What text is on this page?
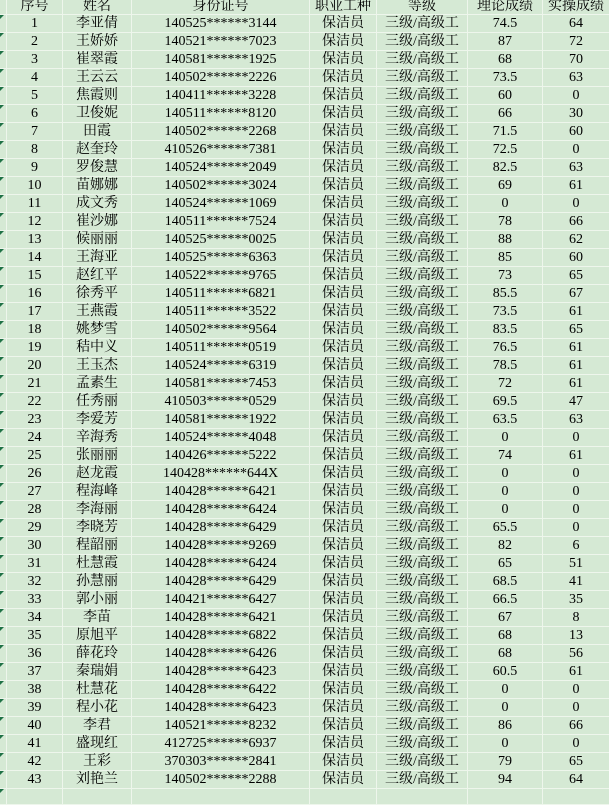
序号	姓名	身份证号	职业工种	等级	理论成绩	实操成绩
1	李亚倩	140525******3144	保洁员	三级/高级工	74.5	64
2	王娇娇	140521******7023	保洁员	三级/高级工	87	72
3	崔翠霞	140581******1925	保洁员	三级/高级工	68	70
4	王云云	140502******2226	保洁员	三级/高级工	73.5	63
5	焦霞则	140411******3228	保洁员	三级/高级工	60	0
6	卫俊妮	140511******8120	保洁员	三级/高级工	66	30
7	田霞	140502******2268	保洁员	三级/高级工	71.5	60
8	赵奎玲	410526******7381	保洁员	三级/高级工	72.5	0
9	罗俊慧	140524******2049	保洁员	三级/高级工	82.5	63
10	苗娜娜	140502******3024	保洁员	三级/高级工	69	61
11	成文秀	140524******1069	保洁员	三级/高级工	0	0
12	崔沙娜	140511******7524	保洁员	三级/高级工	78	66
13	候丽丽	140525******0025	保洁员	三级/高级工	88	62
14	王海亚	140525******6363	保洁员	三级/高级工	85	60
15	赵红平	140522******9765	保洁员	三级/高级工	73	65
16	徐秀平	140511******6821	保洁员	三级/高级工	85.5	67
17	王燕霞	140511******3522	保洁员	三级/高级工	73.5	61
18	姚梦雪	140502******9564	保洁员	三级/高级工	83.5	65
19	秸中义	140511******0519	保洁员	三级/高级工	76.5	61
20	王玉杰	140524******6319	保洁员	三级/高级工	78.5	61
21	孟素生	140581******7453	保洁员	三级/高级工	72	61
22	任秀丽	410503******0529	保洁员	三级/高级工	69.5	47
23	李爱芳	140581******1922	保洁员	三级/高级工	63.5	63
24	辛海秀	140524******4048	保洁员	三级/高级工	0	0
25	张丽丽	140426******5222	保洁员	三级/高级工	74	61
26	赵龙霞	140428******644X	保洁员	三级/高级工	0	0
27	程海峰	140428******6421	保洁员	三级/高级工	0	0
28	李海丽	140428******6424	保洁员	三级/高级工	0	0
29	李晓芳	140428******6429	保洁员	三级/高级工	65.5	0
30	程韶丽	140428******9269	保洁员	三级/高级工	82	6
31	杜慧霞	140428******6424	保洁员	三级/高级工	65	51
32	孙慧丽	140428******6429	保洁员	三级/高级工	68.5	41
33	郭小丽	140421******6427	保洁员	三级/高级工	66.5	35
34	李苗	140428******6421	保洁员	三级/高级工	67	8
35	原旭平	140428******6822	保洁员	三级/高级工	68	13
36	薛花玲	140428******6426	保洁员	三级/高级工	68	56
37	秦瑞娟	140428******6423	保洁员	三级/高级工	60.5	61
38	杜慧花	140428******6422	保洁员	三级/高级工	0	0
39	程小花	140428******6423	保洁员	三级/高级工	0	0
40	李君	140521******8232	保洁员	三级/高级工	86	66
41	盛现红	412725******6937	保洁员	三级/高级工	0	0
42	王彩	370303******2841	保洁员	三级/高级工	79	65
43	刘艳兰	140502******2288	保洁员	三级/高级工	94	64
